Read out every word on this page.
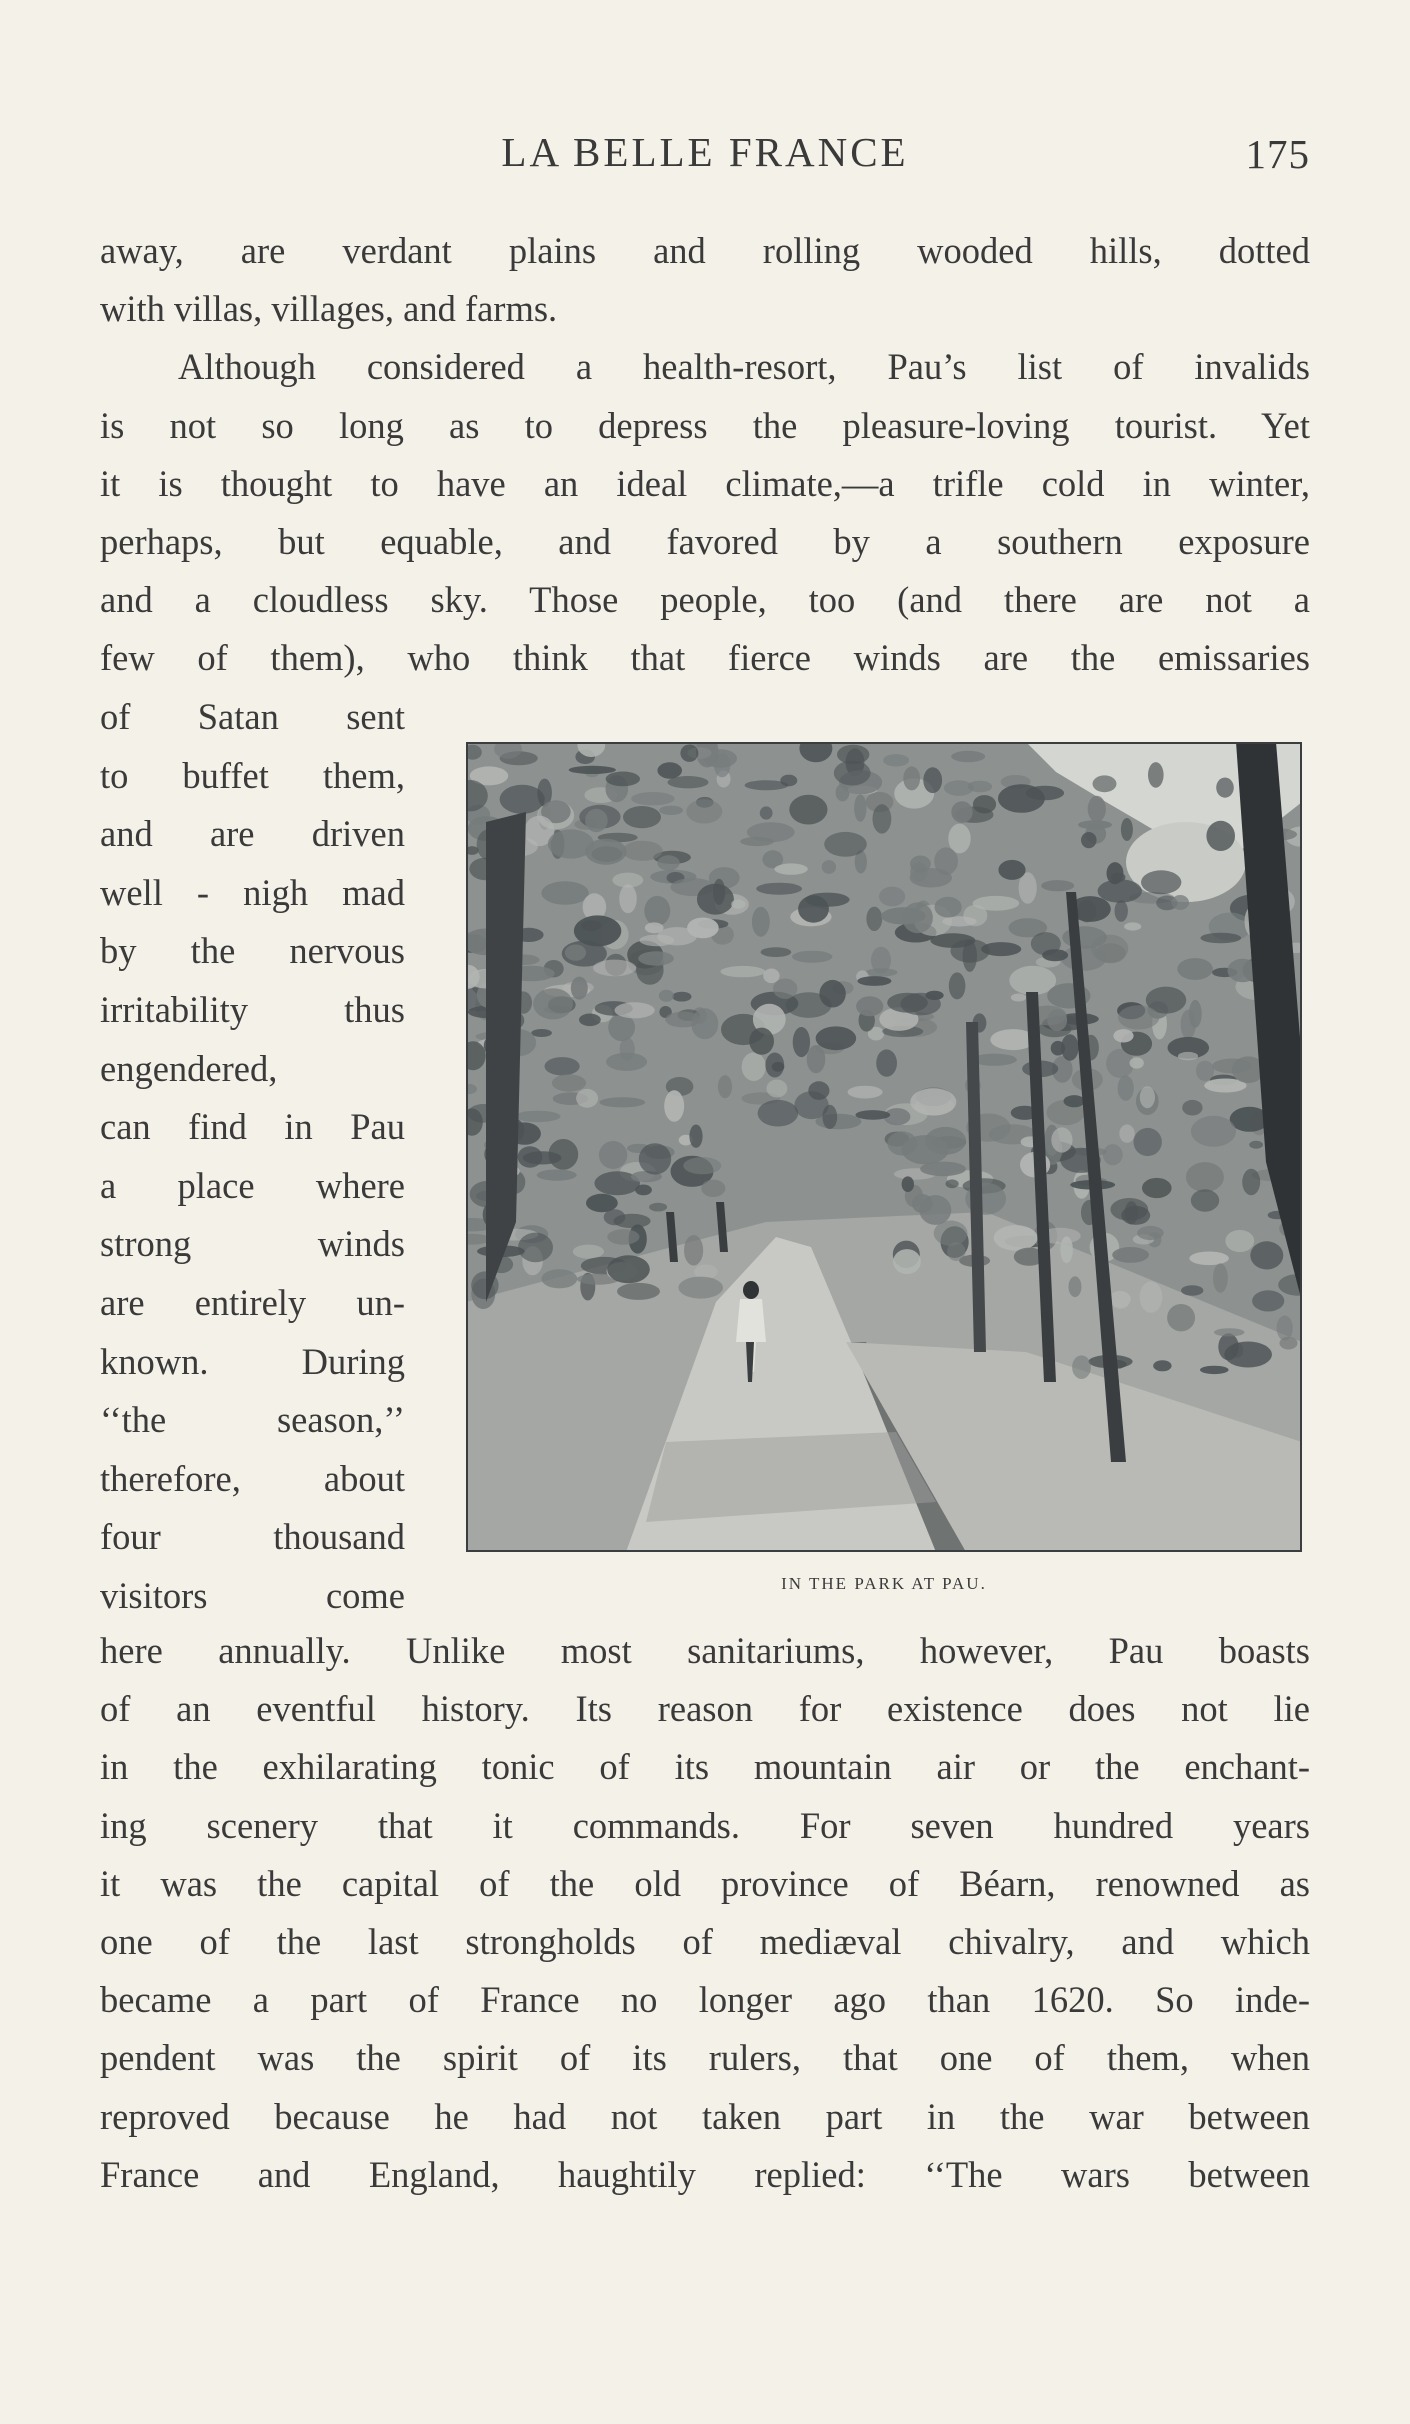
LA BELLE FRANCE	175
away, are verdant plains and rolling wooded hills, dotted
with villas, villages, and farms.
Although considered a health-resort, Pau’s list of invalids
is not so long as to depress the pleasure-loving tourist. Yet
it is thought to have an ideal climate,—a trifle cold in winter,
perhaps, but equable, and favored by a southern exposure
and a cloudless sky. Those people, too (and there are not a
few of them), who think that fierce winds are the emissaries
of Satan sent
to buffet them,
and are driven
well - nigh mad
by the nervous
irritability thus
engendered,
can find in Pau
a place where
strong winds
are entirely un-
known. During
‘‘the season,’’
therefore, about
four thousand
visitors come	IN THE PARK AT PAU.
here annually. Unlike most sanitariums, however, Pau boasts
of an eventful history. Its reason for existence does not lie
in the exhilarating tonic of its mountain air or the enchant-
ing scenery that it commands. For seven hundred years
it was the capital of the old province of Béarn, renowned as
one of the last strongholds of mediæval chivalry, and which
became a part of France no longer ago than 1620. So inde-
pendent was the spirit of its rulers, that one of them, when
reproved because he had not taken part in the war between
France and England, haughtily replied: ‘‘The wars between
